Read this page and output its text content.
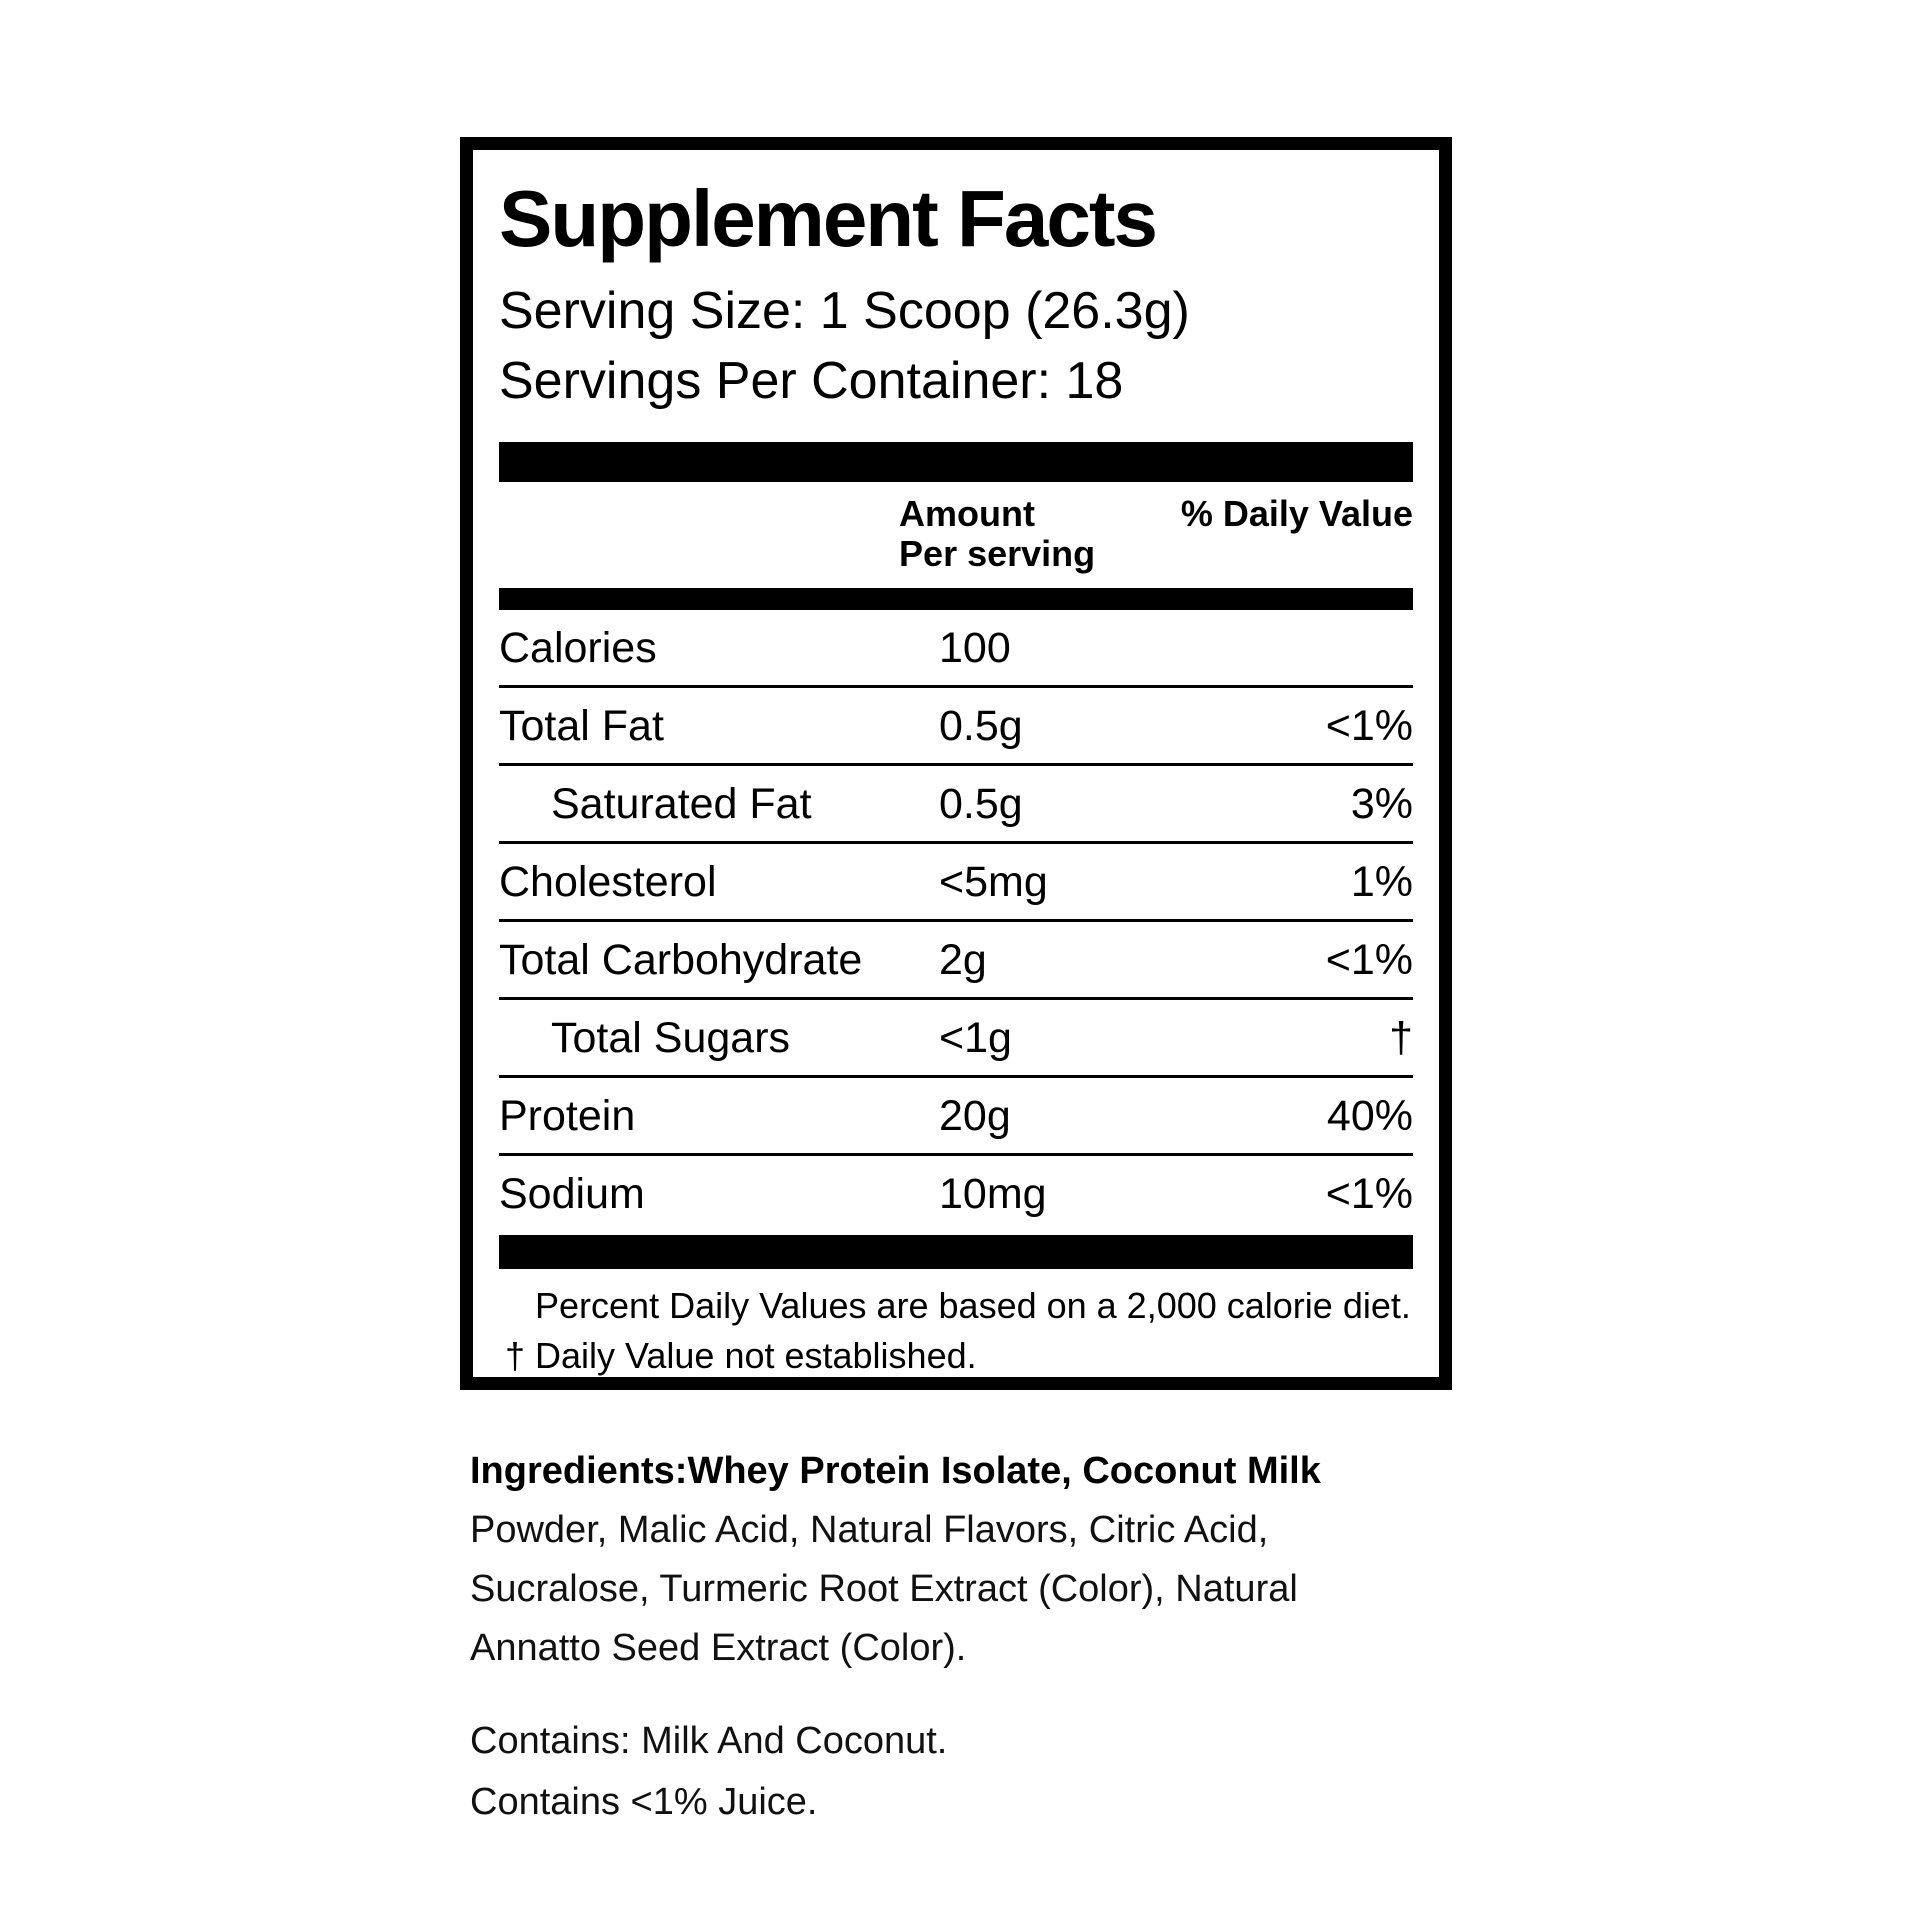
Supplement Facts
Serving Size: 1 Scoop (26.3g)
Servings Per Container: 18
Amount
Per serving
% Daily Value
Calories	100
Total Fat	0.5g	<1%
Saturated Fat	0.5g	3%
Cholesterol	<5mg	1%
Total Carbohydrate	2g	<1%
Total Sugars	<1g	†
Protein	20g	40%
Sodium	10mg	<1%
Percent Daily Values are based on a 2,000 calorie diet.
† Daily Value not established.
Ingredients:Whey Protein Isolate, Coconut Milk
Powder, Malic Acid, Natural Flavors, Citric Acid,
Sucralose, Turmeric Root Extract (Color), Natural
Annatto Seed Extract (Color).
Contains: Milk And Coconut.
Contains <1% Juice.
